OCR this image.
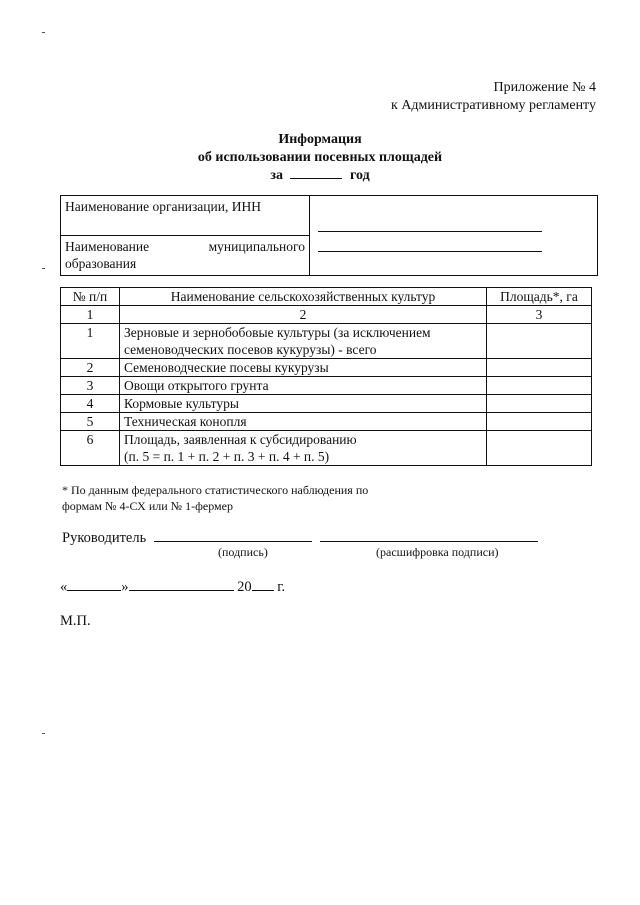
Приложение № 4
к Административному регламенту
Информация
об использовании посевных площадей
за	год
Наименование организации, ИНН	

Наименование	муниципального
образования
№ п/п	Наименование сельскохозяйственных культур	Площадь*, га
1	2	3
1	Зерновые и зернобобовые культуры (за исключением
семеноводческих посевов кукурузы) - всего	

2	Семеноводческие посевы кукурузы	
3	Овощи открытого грунта	
4	Кормовые культуры	
5	Техническая конопля	
6	Площадь, заявленная к субсидированию
(п. 5 = п. 1 + п. 2 + п. 3 + п. 4 + п. 5)	

* По данным федерального статистического наблюдения по
формам № 4-СХ или № 1-фермер
Руководитель
(подпись)	(расшифровка подписи)
«	»	20 г.
М.П.
